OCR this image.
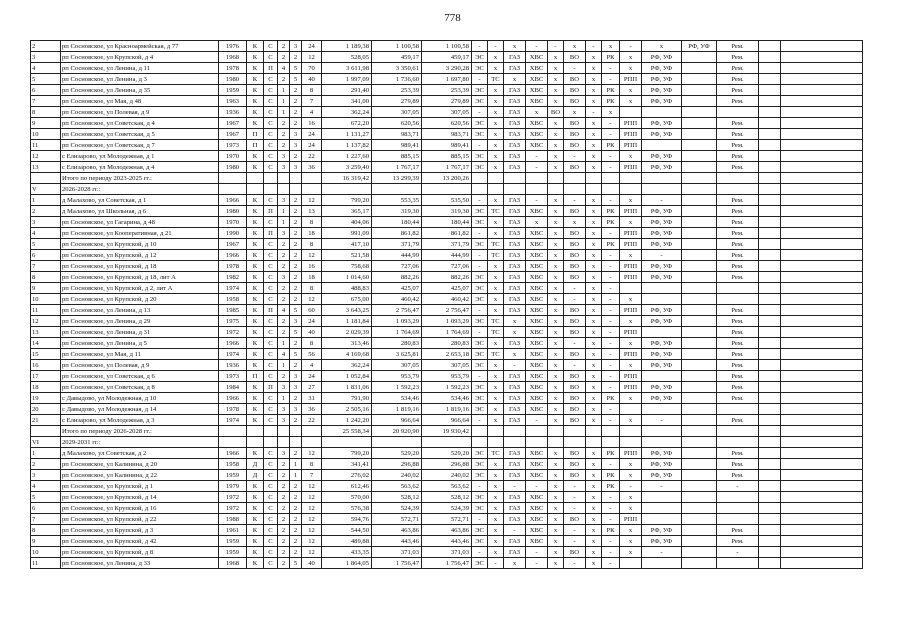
778
2	рп Сосновское, ул Красноармейская, д 77	1976	К	С	2	3	24	1 189,38	1 100,58	1 100,58	-	-	х	-	-	х	-	х	-	х	РФ, УФ	Рем.		
3	рп Сосновское, ул Крупской, д 4	1968	К	С	2	2	12	528,05	459,17	459,17	ЭС	х	ГАЗ	ХВС	х	ВО	х	РК	х	РФ, УФ		Рем.		
4	рп Сосновское, ул Ленина, д 11	1978	К	П	4	5	70	3 611,98	3 350,61	3 290,28	ЭС	х	ГАЗ	ХВС	х	-	х	-	х	РФ, УФ		Рем.		
5	рп Сосновское, ул Ленина, д 3	1980	К	С	2	5	40	1 997,09	1 736,60	1 697,80	-	ТС	х	ХВС	х	ВО	х	-	РПП	РФ, УФ		Рем.		
6	рп Сосновское, ул Ленина, д 35	1959	К	С	1	2	8	291,40	253,39	253,39	ЭС	х	ГАЗ	ХВС	х	ВО	х	РК	х	РФ, УФ		Рем.		
7	рп Сосновское, ул Мая, д 48	1963	К	С	1	2	7	341,00	279,89	279,89	ЭС	х	ГАЗ	ХВС	х	ВО	х	РК	х	РФ, УФ		Рем.		
8	рп Сосновское, ул Полевая, д 9	1936	К	С	1	2	4	362,24	307,05	307,05	-	х	ГАЗ	х	ВО	х	-	х						
9	рп Сосновское, ул Советская, д 4	1967	К	С	2	2	16	672,20	620,56	620,56	ЭС	х	ГАЗ	ХВС	х	ВО	х	-	РПП	РФ, УФ		Рем.		
10	рп Сосновское, ул Советская, д 5	1967	П	С	2	3	24	1 131,27	983,71	983,71	ЭС	х	ГАЗ	ХВС	х	ВО	х	-	РПП	РФ, УФ		Рем.		
11	рп Сосновское, ул Советская, д 7	1973	П	С	2	3	24	1 137,82	989,41	989,41	-	х	ГАЗ	ХВС	х	ВО	х	РК	РПП			Рем.		
12	с Елизарово, ул Молодежная, д 1	1970	К	С	3	2	22	1 227,60	885,15	885,15	ЭС	х	ГАЗ	-	х	-	х	-	х	РФ, УФ		Рем.		
13	с Елизарово, ул Молодежная, д 4	1980	К	С	3	3	36	3 259,40	1 767,17	1 767,17	ЭС	х	ГАЗ	-	х	ВО	х	-	РПП	РФ, УФ		Рем.		
	Итого по периоду 2023-2025 гг.:							16 319,42	13 299,39	13 200,26														
V	2026-2028 гг.:																							
1	д Малахово, ул Советская, д 1	1966	К	С	3	2	12	799,20	553,35	535,50	-	х	ГАЗ	-	х	-	х	-	х	-		Рем.		
2	д Малахово, ул Школьная, д 6	1980	К	П	1	2	13	365,17	319,30	319,30	ЭС	ТС	ГАЗ	ХВС	х	ВО	х	РК	РПП	РФ, УФ		Рем.		
3	рп Сосновское, ул Гагарина, д 48	1970	К	С	1	2	8	404,06	180,44	180,44	ЭС	х	ГАЗ	х	х	х	х	РК	х	РФ, УФ		Рем.		
4	рп Сосновское, ул Кооперативная, д 21	1990	К	П	3	2	18	991,09	861,82	861,82	-	х	ГАЗ	ХВС	х	ВО	х	-	РПП	РФ, УФ		Рем.		
5	рп Сосновское, ул Крупской, д 10	1967	К	С	2	2	8	417,10	371,79	371,79	ЭС	ТС	ГАЗ	ХВС	х	ВО	х	РК	РПП	РФ, УФ		Рем.		
6	рп Сосновское, ул Крупской, д 12	1966	К	С	2	2	12	521,58	444,99	444,99	-	ТС	ГАЗ	ХВС	х	ВО	х	-	х	-		Рем.		
7	рп Сосновское, ул Крупской, д 18	1978	К	С	2	2	16	758,68	727,06	727,06	-	х	ГАЗ	ХВС	х	ВО	х	-	РПП	РФ, УФ		Рем.		
8	рп Сосновское, ул Крупской, д 18, лит А	1982	К	С	3	2	18	1 014,60	882,26	882,26	ЭС	х	ГАЗ	ХВС	х	ВО	х	-	РПП	РФ, УФ		Рем.		
9	рп Сосновское, ул Крупской, д 2, лит А	1974	К	С	2	2	8	488,83	425,07	425,07	ЭС	х	ГАЗ	ХВС	х	-	х	-						
10	рп Сосновское, ул Крупской, д 20	1958	К	С	2	2	12	675,00	460,42	460,42	ЭС	х	ГАЗ	ХВС	х	-	х	-	х					
11	рп Сосновское, ул Ленина, д 13	1985	К	П	4	5	60	3 643,25	2 756,47	2 756,47	-	х	ГАЗ	ХВС	х	ВО	х	-	РПП	РФ, УФ		Рем.		
12	рп Сосновское, ул Ленина, д 29	1975	К	С	2	3	24	1 181,84	1 093,29	1 093,29	ЭС	ТС	х	ХВС	х	ВО	х	-	х	РФ, УФ		Рем.		
13	рп Сосновское, ул Ленина, д 31	1972	К	С	2	5	40	2 029,39	1 764,69	1 764,69	-	ТС	х	ХВС	х	ВО	х	-	РПП			Рем.		
14	рп Сосновское, ул Ленина, д 5	1966	К	С	1	2	8	313,46	280,83	280,83	ЭС	х	ГАЗ	ХВС	х	-	х	-	х	РФ, УФ		Рем.		
15	рп Сосновское, ул Мая, д 11	1974	К	С	4	5	56	4 169,68	3 625,81	2 653,18	ЭС	ТС	х	ХВС	х	ВО	х	-	РПП	РФ, УФ		Рем.		
16	рп Сосновское, ул Полевая, д 9	1936	К	С	1	2	4	362,24	307,05	307,05	ЭС	х	-	ХВС	х	-	х	-	х	РФ, УФ		Рем.		
17	рп Сосновское, ул Советская, д 6	1973	П	С	2	3	24	1 052,84	953,79	953,79	-	х	ГАЗ	ХВС	х	ВО	х	-	РПП			Рем.		
18	рп Сосновское, ул Советская, д 8	1984	К	П	3	3	27	1 831,06	1 592,23	1 592,23	ЭС	х	ГАЗ	ХВС	х	ВО	х	-	РПП	РФ, УФ		Рем.		
19	с Давыдово, ул Молодежная, д 10	1966	К	С	1	2	31	791,90	534,46	534,46	ЭС	х	ГАЗ	ХВС	х	ВО	х	РК	х	РФ, УФ		Рем.		
20	с Давыдово, ул Молодежная, д 14	1978	К	С	3	3	36	2 505,16	1 819,16	1 819,16	ЭС	х	ГАЗ	ХВС	х	ВО	х	-						
21	с Елизарово, ул Молодежная, д 3	1974	К	С	3	2	22	1 242,20	966,64	966,64	-	х	ГАЗ	-	х	ВО	х	-	х	-		Рем.		
	Итого по периоду 2026-2028 гг.:							25 558,34	20 920,90	19 930,42														
VI	2029-2031 гг.:																							
1	д Малахово, ул Советская, д 2	1966	К	С	3	2	12	799,20	529,20	529,20	ЭС	ТС	ГАЗ	ХВС	х	ВО	х	РК	РПП	РФ, УФ		Рем.		
2	рп Сосновское, ул Калинина, д 20	1958	Д	С	2	1	8	341,41	296,88	296,88	ЭС	х	ГАЗ	ХВС	х	ВО	х	-	х	РФ, УФ		Рем.		
3	рп Сосновское, ул Калинина, д 22	1959	Д	С	2	1	7	276,02	240,02	240,02	ЭС	х	ГАЗ	ХВС	х	ВО	х	РК	х	РФ, УФ		Рем.		
4	рп Сосновское, ул Крупской, д 1	1979	К	С	2	2	12	612,46	563,62	563,62	-	х	-	-	х	-	х	РК	-	-		-		
5	рп Сосновское, ул Крупской, д 14	1972	К	С	2	2	12	570,00	528,12	528,12	ЭС	х	ГАЗ	ХВС	х	-	х	-	х					
6	рп Сосновское, ул Крупской, д 16	1972	К	С	2	2	12	576,38	524,39	524,39	ЭС	х	ГАЗ	ХВС	х	-	х	-	х					
7	рп Сосновское, ул Крупской, д 22	1988	К	С	2	2	12	594,76	572,71	572,71	-	х	ГАЗ	ХВС	х	ВО	х	-	РПП					
8	рп Сосновское, ул Крупской, д 3	1961	К	С	2	2	12	544,50	463,86	463,86	ЭС	х	-	ХВС	х	-	х	РК	х	РФ, УФ		Рем.		
9	рп Сосновское, ул Крупской, д 42	1959	К	С	2	2	12	489,88	443,46	443,46	ЭС	х	ГАЗ	ХВС	х	-	х	-	х	РФ, УФ		Рем.		
10	рп Сосновское, ул Крупской, д 8	1959	К	С	2	2	12	433,35	371,03	371,03	-	х	ГАЗ	-	х	ВО	х	-	х	-		-		
11	рп Сосновское, ул Ленина, д 33	1968	К	С	2	5	40	1 864,05	1 756,47	1 756,47	ЭС	-	х	-	х	-	х	-						
